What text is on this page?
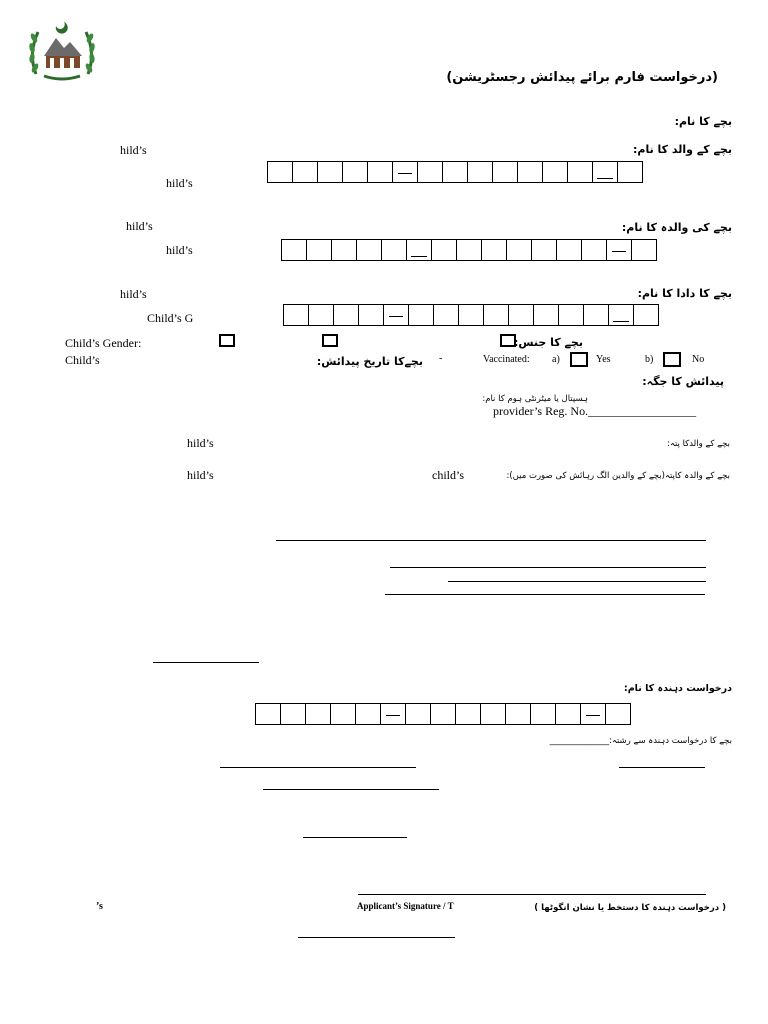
(درخواست فارم برائے پیدائش رجسٹریشن)
بچے کا نام:
hild’s	بچے کے والد کا نام:
hild’s
hild’s	بچے کی والدہ کا نام:
hild’s
hild’s	بچے کا دادا کا نام:
Child’s G
Child’s Gender:	بچے کا جنس:
Child’s	بچےکا تاریخ پیدائش: -	Vaccinated: a)	Yes	b)	No
پیدائش کا جگہ:
ہسپتال یا میٹرنٹی ہوم کا نام:
provider’s Reg. No.__________________
hild’s	بچے کے والدکا پتہ:
hild’s	child’s	بچے کے والدہ کاپتہ(بچے کے والدین الگ رہائش کی صورت میں):
درخواست دہندہ کا نام:
بچے کا درخواست دہندہ سے رشتہ:______________
’s	Applicant’s Signature / T	( درخواست دہندہ کا دستخط یا نشان انگوٹھا )
